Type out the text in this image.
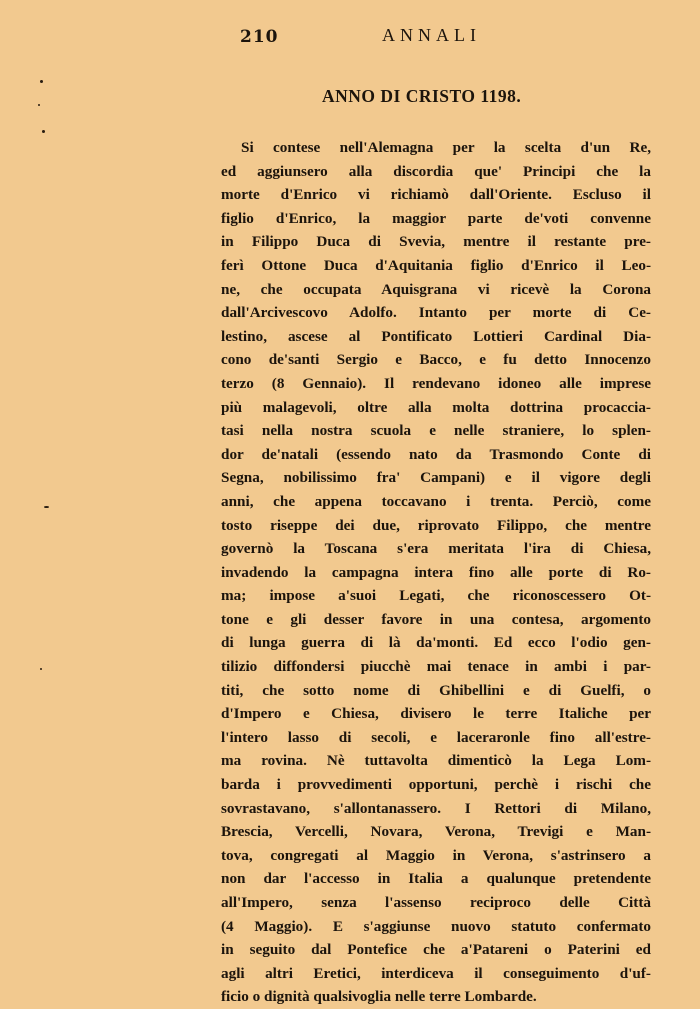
210	ANNALI
ANNO DI CRISTO 1198.
Si contese nell'Alemagna per la scelta d'un Re,
ed aggiunsero alla discordia que' Principi che la
morte d'Enrico vi richiamò dall'Oriente. Escluso il
figlio d'Enrico, la maggior parte de'voti convenne
in Filippo Duca di Svevia, mentre il restante pre-
ferì Ottone Duca d'Aquitania figlio d'Enrico il Leo-
ne, che occupata Aquisgrana vi ricevè la Corona
dall'Arcivescovo Adolfo. Intanto per morte di Ce-
lestino, ascese al Pontificato Lottieri Cardinal Dia-
cono de'santi Sergio e Bacco, e fu detto Innocenzo
terzo (8 Gennaio). Il rendevano idoneo alle imprese
più malagevoli, oltre alla molta dottrina procaccia-
tasi nella nostra scuola e nelle straniere, lo splen-
dor de'natali (essendo nato da Trasmondo Conte di
Segna, nobilissimo fra' Campani) e il vigore degli
anni, che appena toccavano i trenta. Perciò, come
tosto riseppe dei due, riprovato Filippo, che mentre
governò la Toscana s'era meritata l'ira di Chiesa,
invadendo la campagna intera fino alle porte di Ro-
ma; impose a'suoi Legati, che riconoscessero Ot-
tone e gli desser favore in una contesa, argomento
di lunga guerra di là da'monti. Ed ecco l'odio gen-
tilizio diffondersi piucchè mai tenace in ambi i par-
titi, che sotto nome di Ghibellini e di Guelfi, o
d'Impero e Chiesa, divisero le terre Italiche per
l'intero lasso di secoli, e laceraronle fino all'estre-
ma rovina. Nè tuttavolta dimenticò la Lega Lom-
barda i provvedimenti opportuni, perchè i rischi che
sovrastavano, s'allontanassero. I Rettori di Milano,
Brescia, Vercelli, Novara, Verona, Trevigi e Man-
tova, congregati al Maggio in Verona, s'astrinsero a
non dar l'accesso in Italia a qualunque pretendente
all'Impero, senza l'assenso reciproco delle Città
(4 Maggio). E s'aggiunse nuovo statuto confermato
in seguito dal Pontefice che a'Patareni o Paterini ed
agli altri Eretici, interdiceva il conseguimento d'uf-
ficio o dignità qualsivoglia nelle terre Lombarde.
